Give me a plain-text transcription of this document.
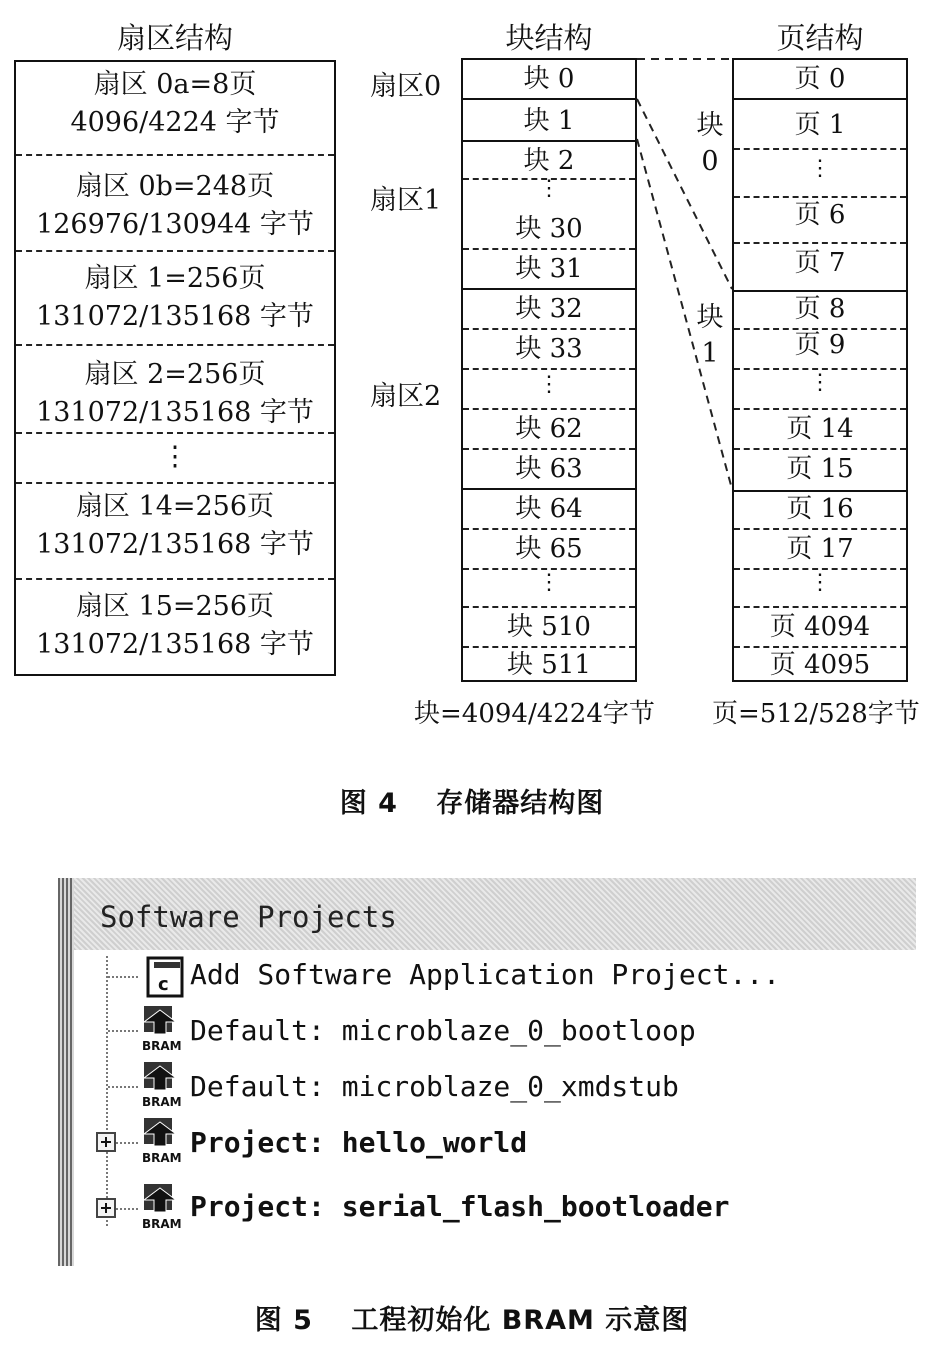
扇区结构	块结构	页结构
扇区 0a=8页
4096/4224 字节
扇区 0b=248页
126976/130944 字节
扇区 1=256页
131072/135168 字节
扇区 2=256页
131072/135168 字节
⋮
扇区 14=256页
131072/135168 字节
扇区 15=256页
131072/135168 字节
扇区0
扇区1
扇区2
块 0
块 1
块 2
⋮
块 30
块 31
块 32
块 33
⋮
块 62
块 63
块 64
块 65
⋮
块 510
块 511
块
0
块
1
页 0
页 1
⋮
页 6
页 7
页 8
页 9
⋮
页 14
页 15
页 16
页 17
⋮
页 4094
页 4095
块=4094/4224字节 页=512/528字节
图 4　 存储器结构图
Software Projects
c Add Software Application Project...
BRAM Default: microblaze_0_bootloop
BRAM Default: microblaze_0_xmdstub
BRAM Project: hello_world
BRAM
Project: serial_flash_bootloader
图 5　 工程初始化 BRAM 示意图
